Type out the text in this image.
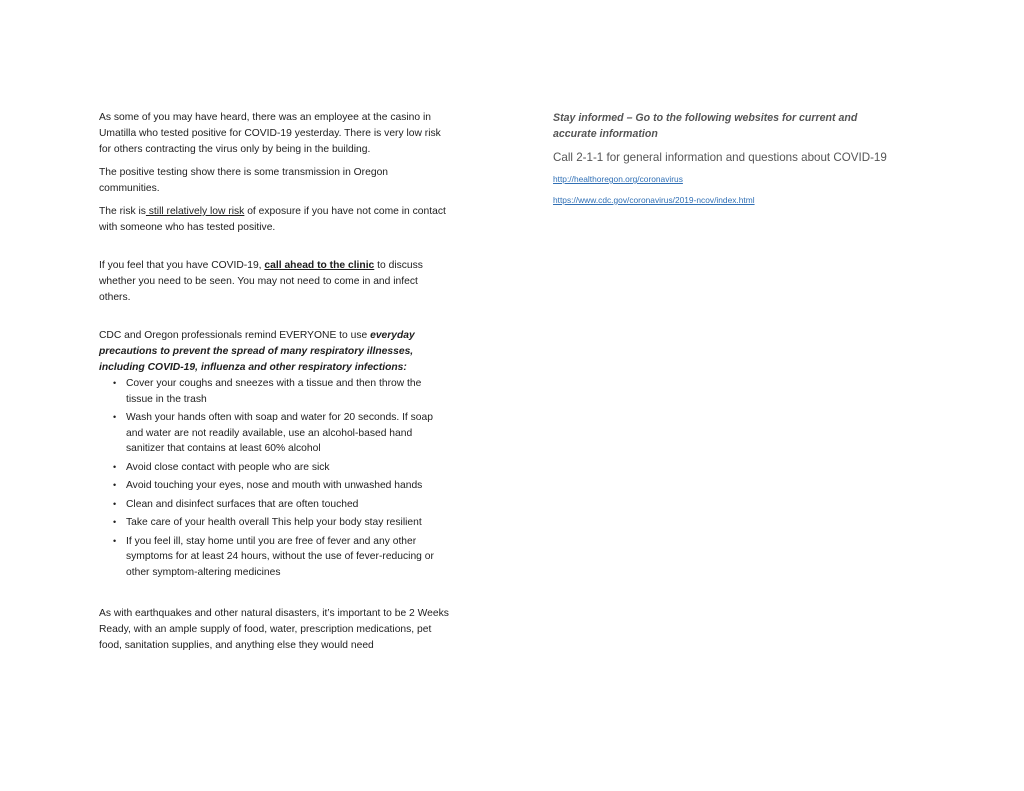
As some of you may have heard, there was an employee at the casino in Umatilla who tested positive for COVID-19 yesterday. There is very low risk for others contracting the virus only by being in the building.

The positive testing show there is some transmission in Oregon communities.

The risk is still relatively low risk of exposure if you have not come in contact with someone who has tested positive.

If you feel that you have COVID-19, call ahead to the clinic to discuss whether you need to be seen. You may not need to come in and infect others.

CDC and Oregon professionals remind EVERYONE to use everyday precautions to prevent the spread of many respiratory illnesses, including COVID-19, influenza and other respiratory infections:

• Cover your coughs and sneezes with a tissue and then throw the tissue in the trash
• Wash your hands often with soap and water for 20 seconds. If soap and water are not readily available, use an alcohol-based hand sanitizer that contains at least 60% alcohol
• Avoid close contact with people who are sick
• Avoid touching your eyes, nose and mouth with unwashed hands
• Clean and disinfect surfaces that are often touched
• Take care of your health overall This help your body stay resilient
• If you feel ill, stay home until you are free of fever and any other symptoms for at least 24 hours, without the use of fever-reducing or other symptom-altering medicines

As with earthquakes and other natural disasters, it’s important to be 2 Weeks Ready, with an ample supply of food, water, prescription medications, pet food, sanitation supplies, and anything else they would need

Stay informed – Go to the following websites for current and accurate information

Call 2-1-1 for general information and questions about COVID-19

http://healthoregon.org/coronavirus
https://www.cdc.gov/coronavirus/2019-ncov/index.html
